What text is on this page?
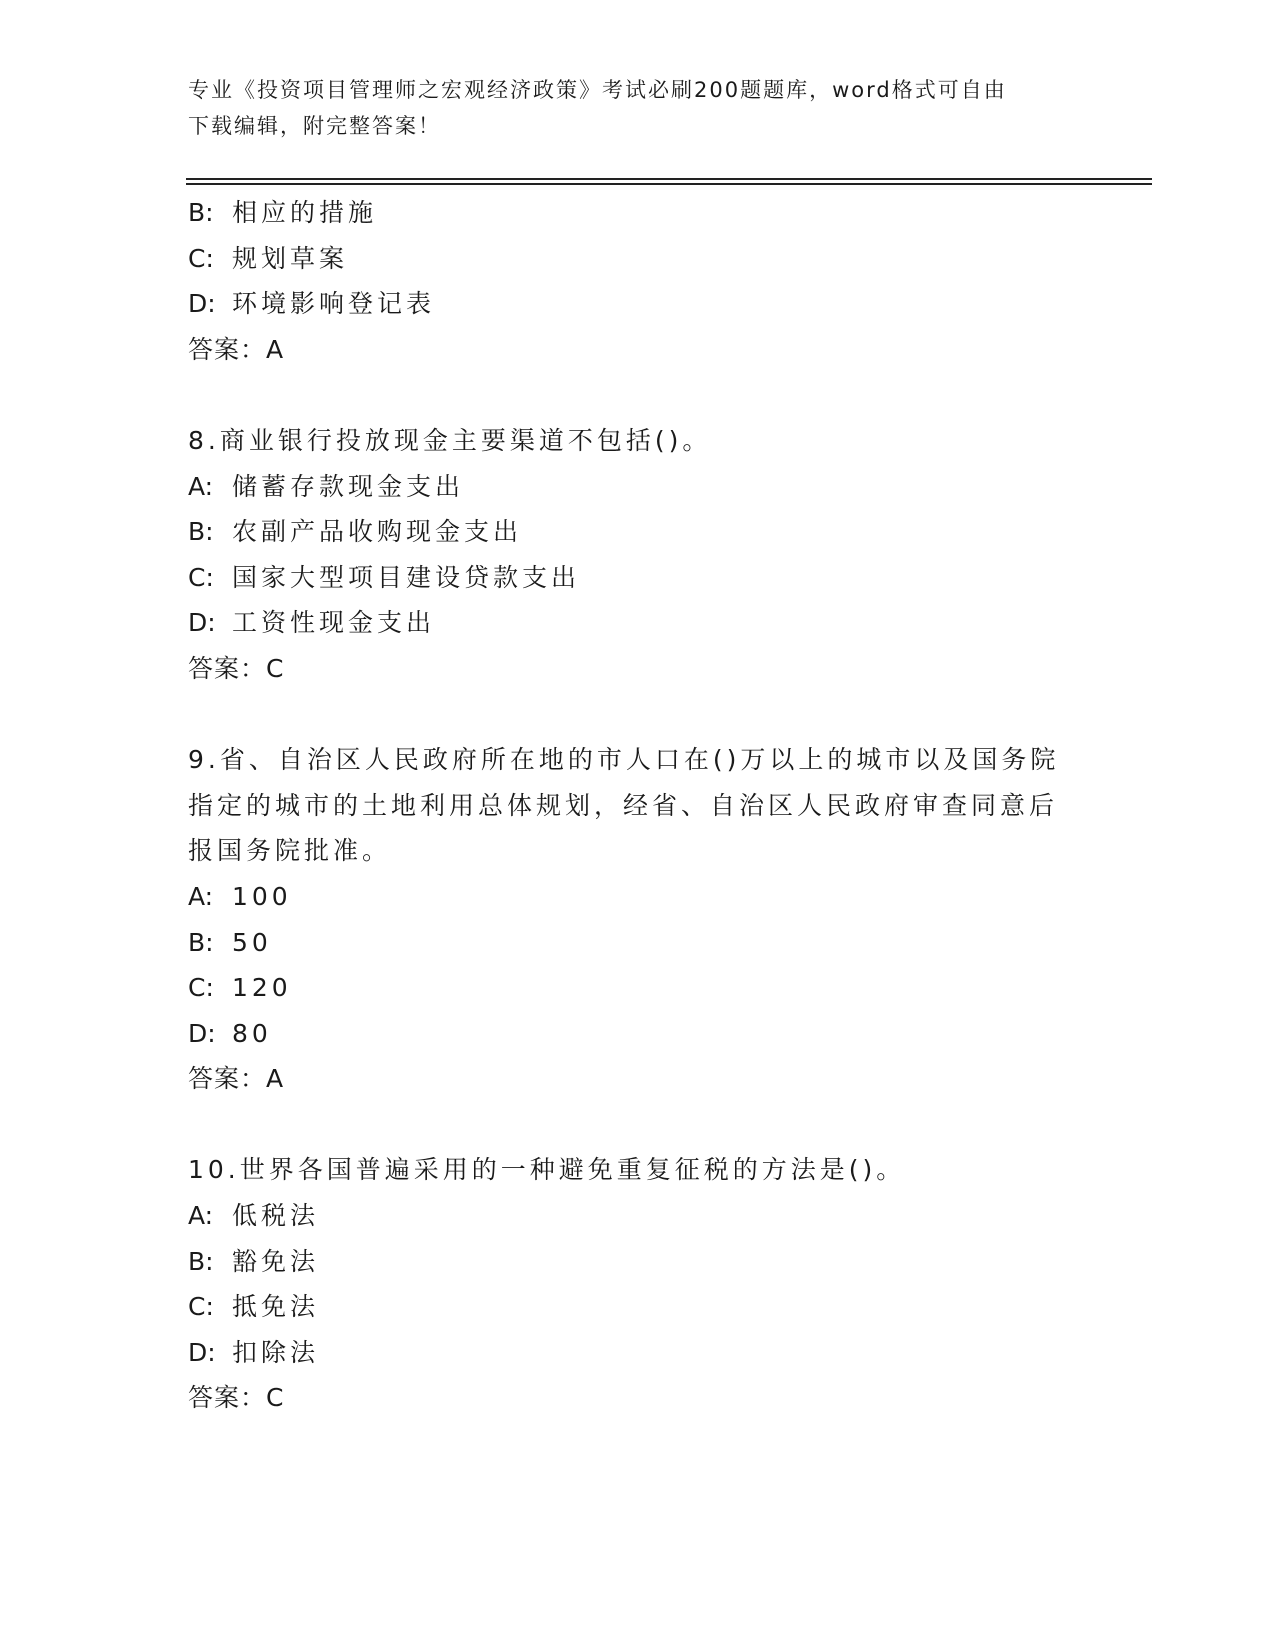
专业《投资项目管理师之宏观经济政策》考试必刷200题题库，word格式可自由
下载编辑，附完整答案！
B: 相应的措施
C: 规划草案
D: 环境影响登记表
答案：A
8.商业银行投放现金主要渠道不包括()。
A: 储蓄存款现金支出
B: 农副产品收购现金支出
C: 国家大型项目建设贷款支出
D: 工资性现金支出
答案：C
9.省、自治区人民政府所在地的市人口在()万以上的城市以及国务院
指定的城市的土地利用总体规划，经省、自治区人民政府审查同意后
报国务院批准。
A: 100
B: 50
C: 120
D: 80
答案：A
10.世界各国普遍采用的一种避免重复征税的方法是()。
A: 低税法
B: 豁免法
C: 抵免法
D: 扣除法
答案：C
